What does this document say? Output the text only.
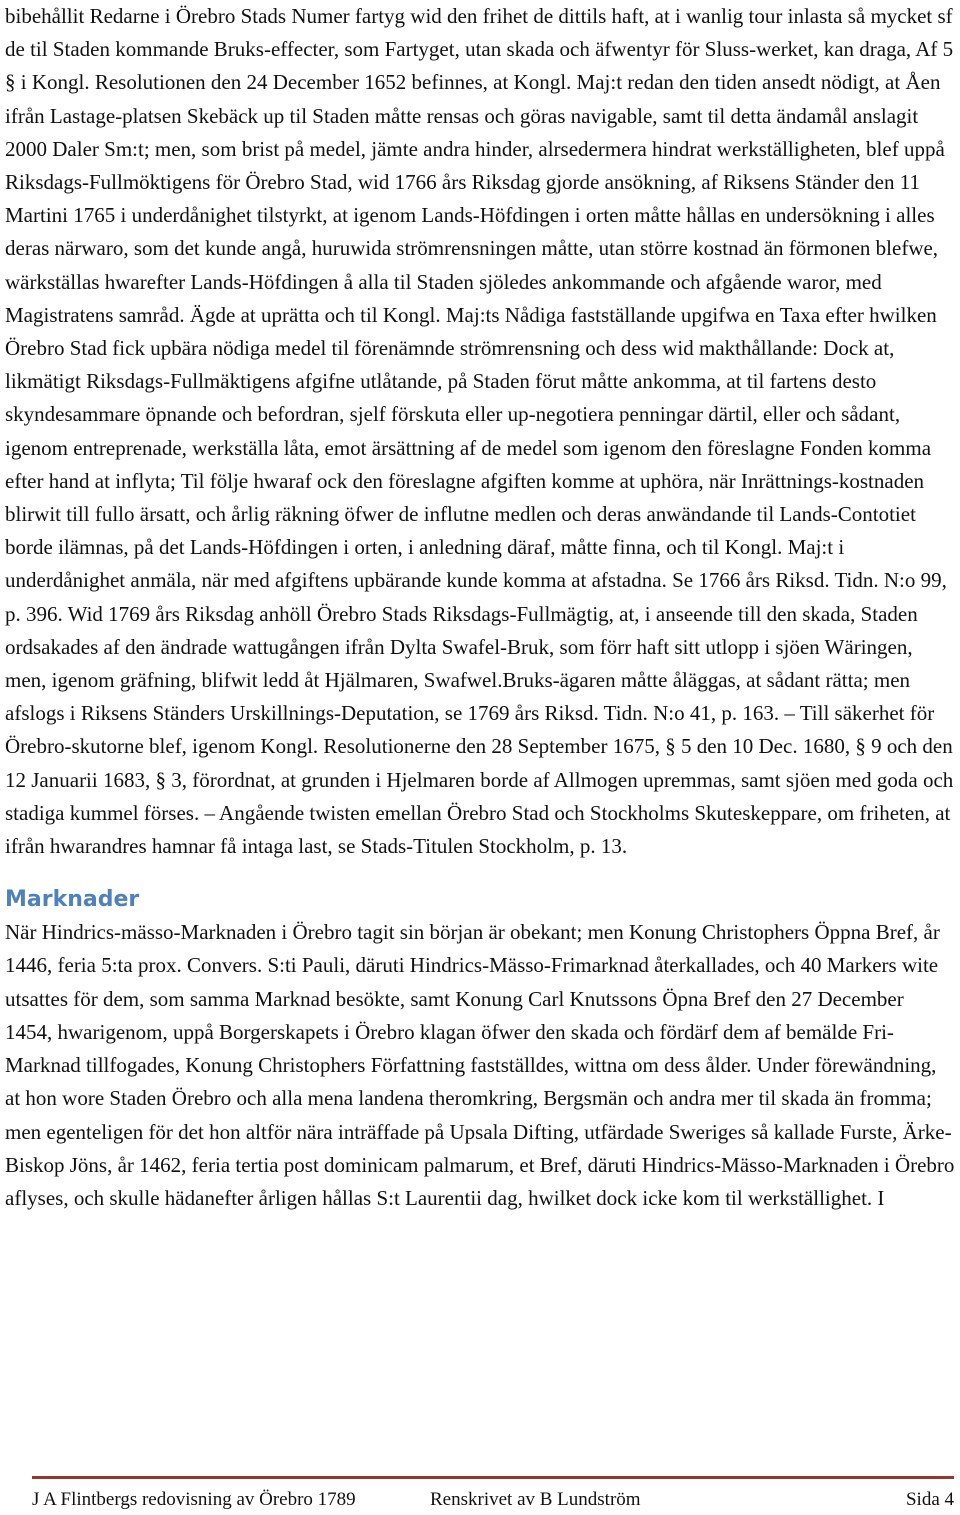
bibehållit Redarne i Örebro Stads Numer fartyg wid den frihet de dittils haft, at i wanlig tour inlasta så mycket sf de til Staden kommande Bruks-effecter, som Fartyget, utan skada och äfwentyr för Sluss-werket, kan draga, Af 5 § i Kongl. Resolutionen den 24 December 1652 befinnes, at Kongl. Maj:t redan den tiden ansedt nödigt, at Åen ifrån Lastage-platsen Skebäck up til Staden måtte rensas och göras navigable, samt til detta ändamål anslagit 2000 Daler Sm:t; men, som brist på medel, jämte andra hinder, alrsedermera hindrat werkställigheten, blef uppå Riksdags-Fullmöktigens för Örebro Stad, wid 1766 års Riksdag gjorde ansökning, af Riksens Ständer den 11 Martini 1765 i underdånighet tilstyrkt, at igenom Lands-Höfdingen i orten måtte hållas en undersökning i alles deras närwaro, som det kunde angå, huruwida strömrensningen måtte, utan större kostnad än förmonen blefwe, wärkställas hwarefter Lands-Höfdingen å alla til Staden sjöledes ankommande och afgående waror, med Magistratens samråd. Ägde at uprätta och til Kongl. Maj:ts Nådiga fastställande upgifwa en Taxa efter hwilken Örebro Stad fick upbära nödiga medel til förenämnde strömrensning och dess wid makthållande: Dock at, likmätigt Riksdags-Fullmäktigens afgifne utlåtande, på Staden förut måtte ankomma, at til fartens desto skyndesammare öpnande och befordran, sjelf förskuta eller up-negotiera penningar därtil, eller och sådant, igenom entreprenade, werkställa låta, emot ärsättning af de medel som igenom den föreslagne Fonden komma efter hand at inflyta; Til följe hwaraf ock den föreslagne afgiften komme at uphöra, när Inrättnings-kostnaden blirwit till fullo ärsatt, och årlig räkning öfwer de influtne medlen och deras anwändande til Lands-Contotiet borde ilämnas, på det Lands-Höfdingen i orten, i anledning däraf, måtte finna, och til Kongl. Maj:t i underdånighet anmäla, när med afgiftens upbärande kunde komma at afstadna. Se 1766 års Riksd. Tidn. N:o 99, p. 396. Wid 1769 års Riksdag anhöll Örebro Stads Riksdags-Fullmägtig, at, i anseende till den skada, Staden ordsakades af den ändrade wattugången ifrån Dylta Swafel-Bruk, som förr haft sitt utlopp i sjöen Wäringen, men, igenom gräfning, blifwit ledd åt Hjälmaren, Swafwel.Bruks-ägaren måtte åläggas, at sådant rätta; men afslogs i Riksens Ständers Urskillnings-Deputation, se 1769 års Riksd. Tidn. N:o 41, p. 163. – Till säkerhet för Örebro-skutorne blef, igenom Kongl. Resolutionerne den 28 September 1675, § 5 den 10 Dec. 1680, § 9 och den 12 Januarii 1683, § 3, förordnat, at grunden i Hjelmaren borde af Allmogen upremmas, samt sjöen med goda och stadiga kummel förses. – Angående twisten emellan Örebro Stad och Stockholms Skuteskeppare, om friheten, at ifrån hwarandres hamnar få intaga last, se Stads-Titulen Stockholm, p. 13.

Marknader

När Hindrics-mässo-Marknaden i Örebro tagit sin början är obekant; men Konung Christophers Öppna Bref, år 1446, feria 5:ta prox. Convers. S:ti Pauli, däruti Hindrics-Mässo-Frimarknad återkallades, och 40 Markers wite utsattes för dem, som samma Marknad besökte, samt Konung Carl Knutssons Öpna Bref den 27 December 1454, hwarigenom, uppå Borgerskapets i Örebro klagan öfwer den skada och fördärf dem af bemälde Fri-Marknad tillfogades, Konung Christophers Författning fastställdes, wittna om dess ålder. Under förewändning, at hon wore Staden Örebro och alla mena landena theromkring, Bergsmän och andra mer til skada än fromma; men egenteligen för det hon altför nära inträffade på Upsala Difting, utfärdade Sweriges så kallade Furste, Ärke-Biskop Jöns, år 1462, feria tertia post dominicam palmarum, et Bref, däruti Hindrics-Mässo-Marknaden i Örebro aflyses, och skulle hädanefter årligen hållas S:t Laurentii dag, hwilket dock icke kom til werkställighet. I

J A Flintbergs redovisning av Örebro 1789	Renskrivet av B Lundström	Sida 4
